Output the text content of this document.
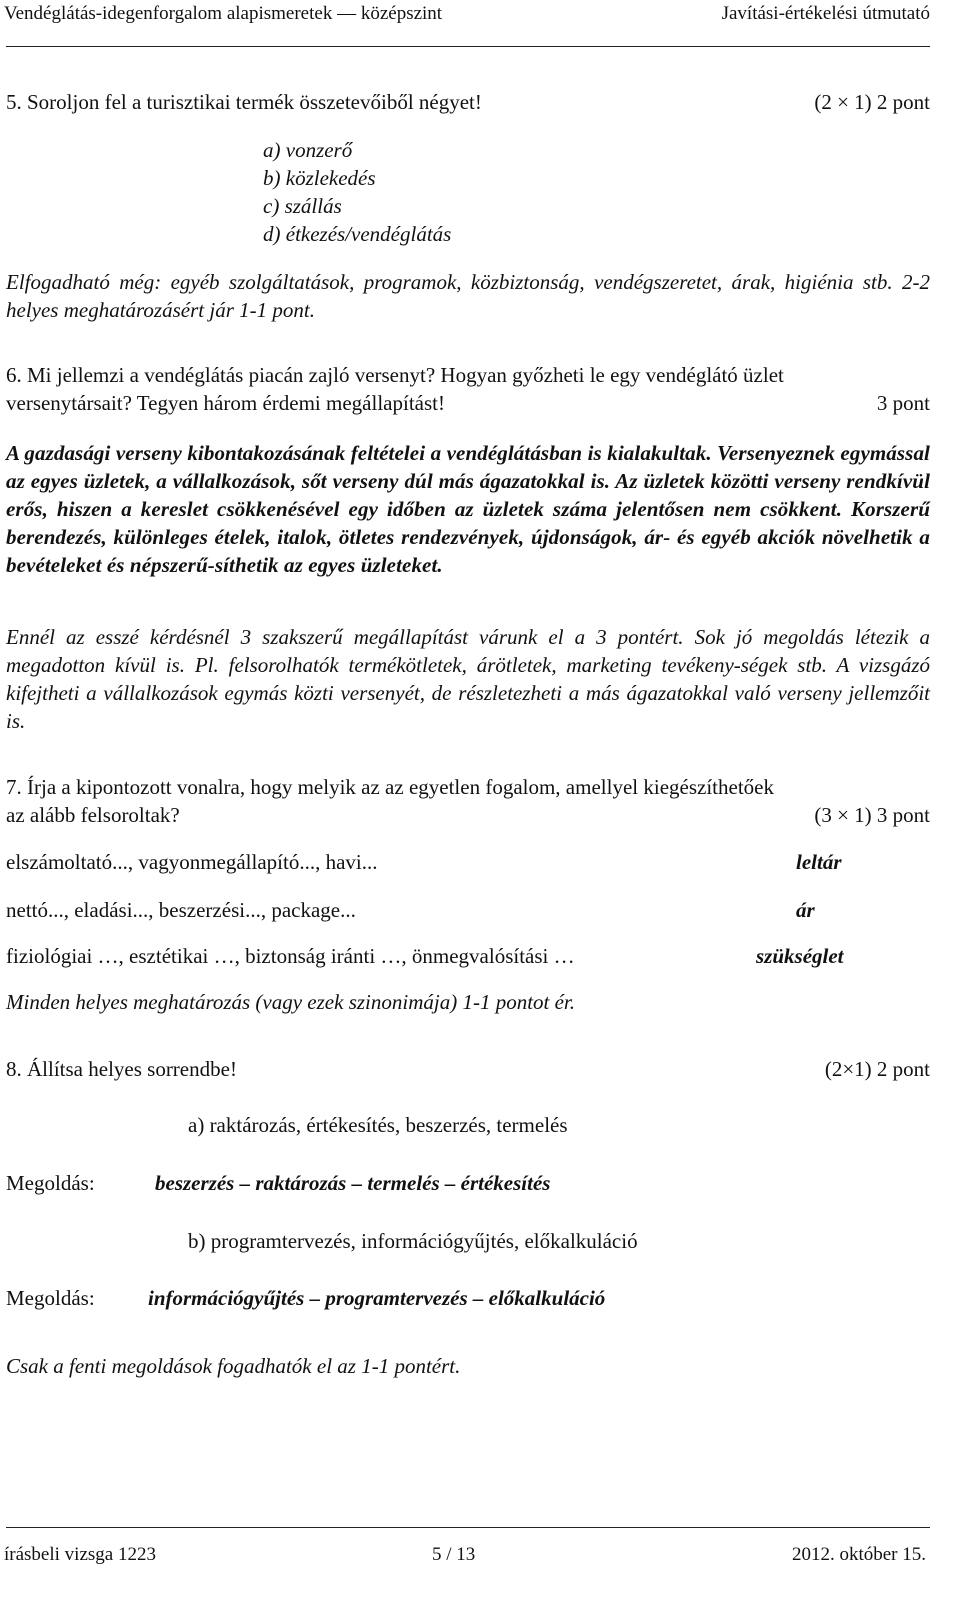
Vendéglátás-idegenforgalom alapismeretek — középszint	Javítási-értékelési útmutató
5. Soroljon fel a turisztikai termék összetevőiből négyet!	(2 × 1) 2 pont
a) vonzerő
b) közlekedés
c) szállás
d) étkezés/vendéglátás
Elfogadható még: egyéb szolgáltatások, programok, közbiztonság, vendégszeretet, árak, higiénia stb. 2-2 helyes meghatározásért jár 1-1 pont.
6. Mi jellemzi a vendéglátás piacán zajló versenyt? Hogyan győzheti le egy vendéglátó üzlet
versenytársait? Tegyen három érdemi megállapítást!	3 pont
A gazdasági verseny kibontakozásának feltételei a vendéglátásban is kialakultak. Versenyeznek egymással az egyes üzletek, a vállalkozások, sőt verseny dúl más ágazatokkal is. Az üzletek közötti verseny rendkívül erős, hiszen a kereslet csökkenésével egy időben az üzletek száma jelentősen nem csökkent. Korszerű berendezés, különleges ételek, italok, ötletes rendezvények, újdonságok, ár- és egyéb akciók növelhetik a bevételeket és népszerű-síthetik az egyes üzleteket.
Ennél az esszé kérdésnél 3 szakszerű megállapítást várunk el a 3 pontért. Sok jó megoldás létezik a megadotton kívül is. Pl. felsorolhatók termékötletek, árötletek, marketing tevékeny-ségek stb. A vizsgázó kifejtheti a vállalkozások egymás közti versenyét, de részletezheti a más ágazatokkal való verseny jellemzőit is.
7. Írja a kipontozott vonalra, hogy melyik az az egyetlen fogalom, amellyel kiegészíthetőek
az alább felsoroltak?	(3 × 1) 3 pont
elszámoltató..., vagyonmegállapító..., havi...	leltár
nettó..., eladási..., beszerzési..., package...	ár
fiziológiai …, esztétikai …, biztonság iránti …, önmegvalósítási …	szükséglet
Minden helyes meghatározás (vagy ezek szinonimája) 1-1 pontot ér.
8. Állítsa helyes sorrendbe!	(2×1) 2 pont
a) raktározás, értékesítés, beszerzés, termelés
Megoldás:	beszerzés – raktározás – termelés – értékesítés
b) programtervezés, információgyűjtés, előkalkuláció
Megoldás:	információgyűjtés – programtervezés – előkalkuláció
Csak a fenti megoldások fogadhatók el az 1-1 pontért.
írásbeli vizsga 1223	5 / 13	2012. október 15.
